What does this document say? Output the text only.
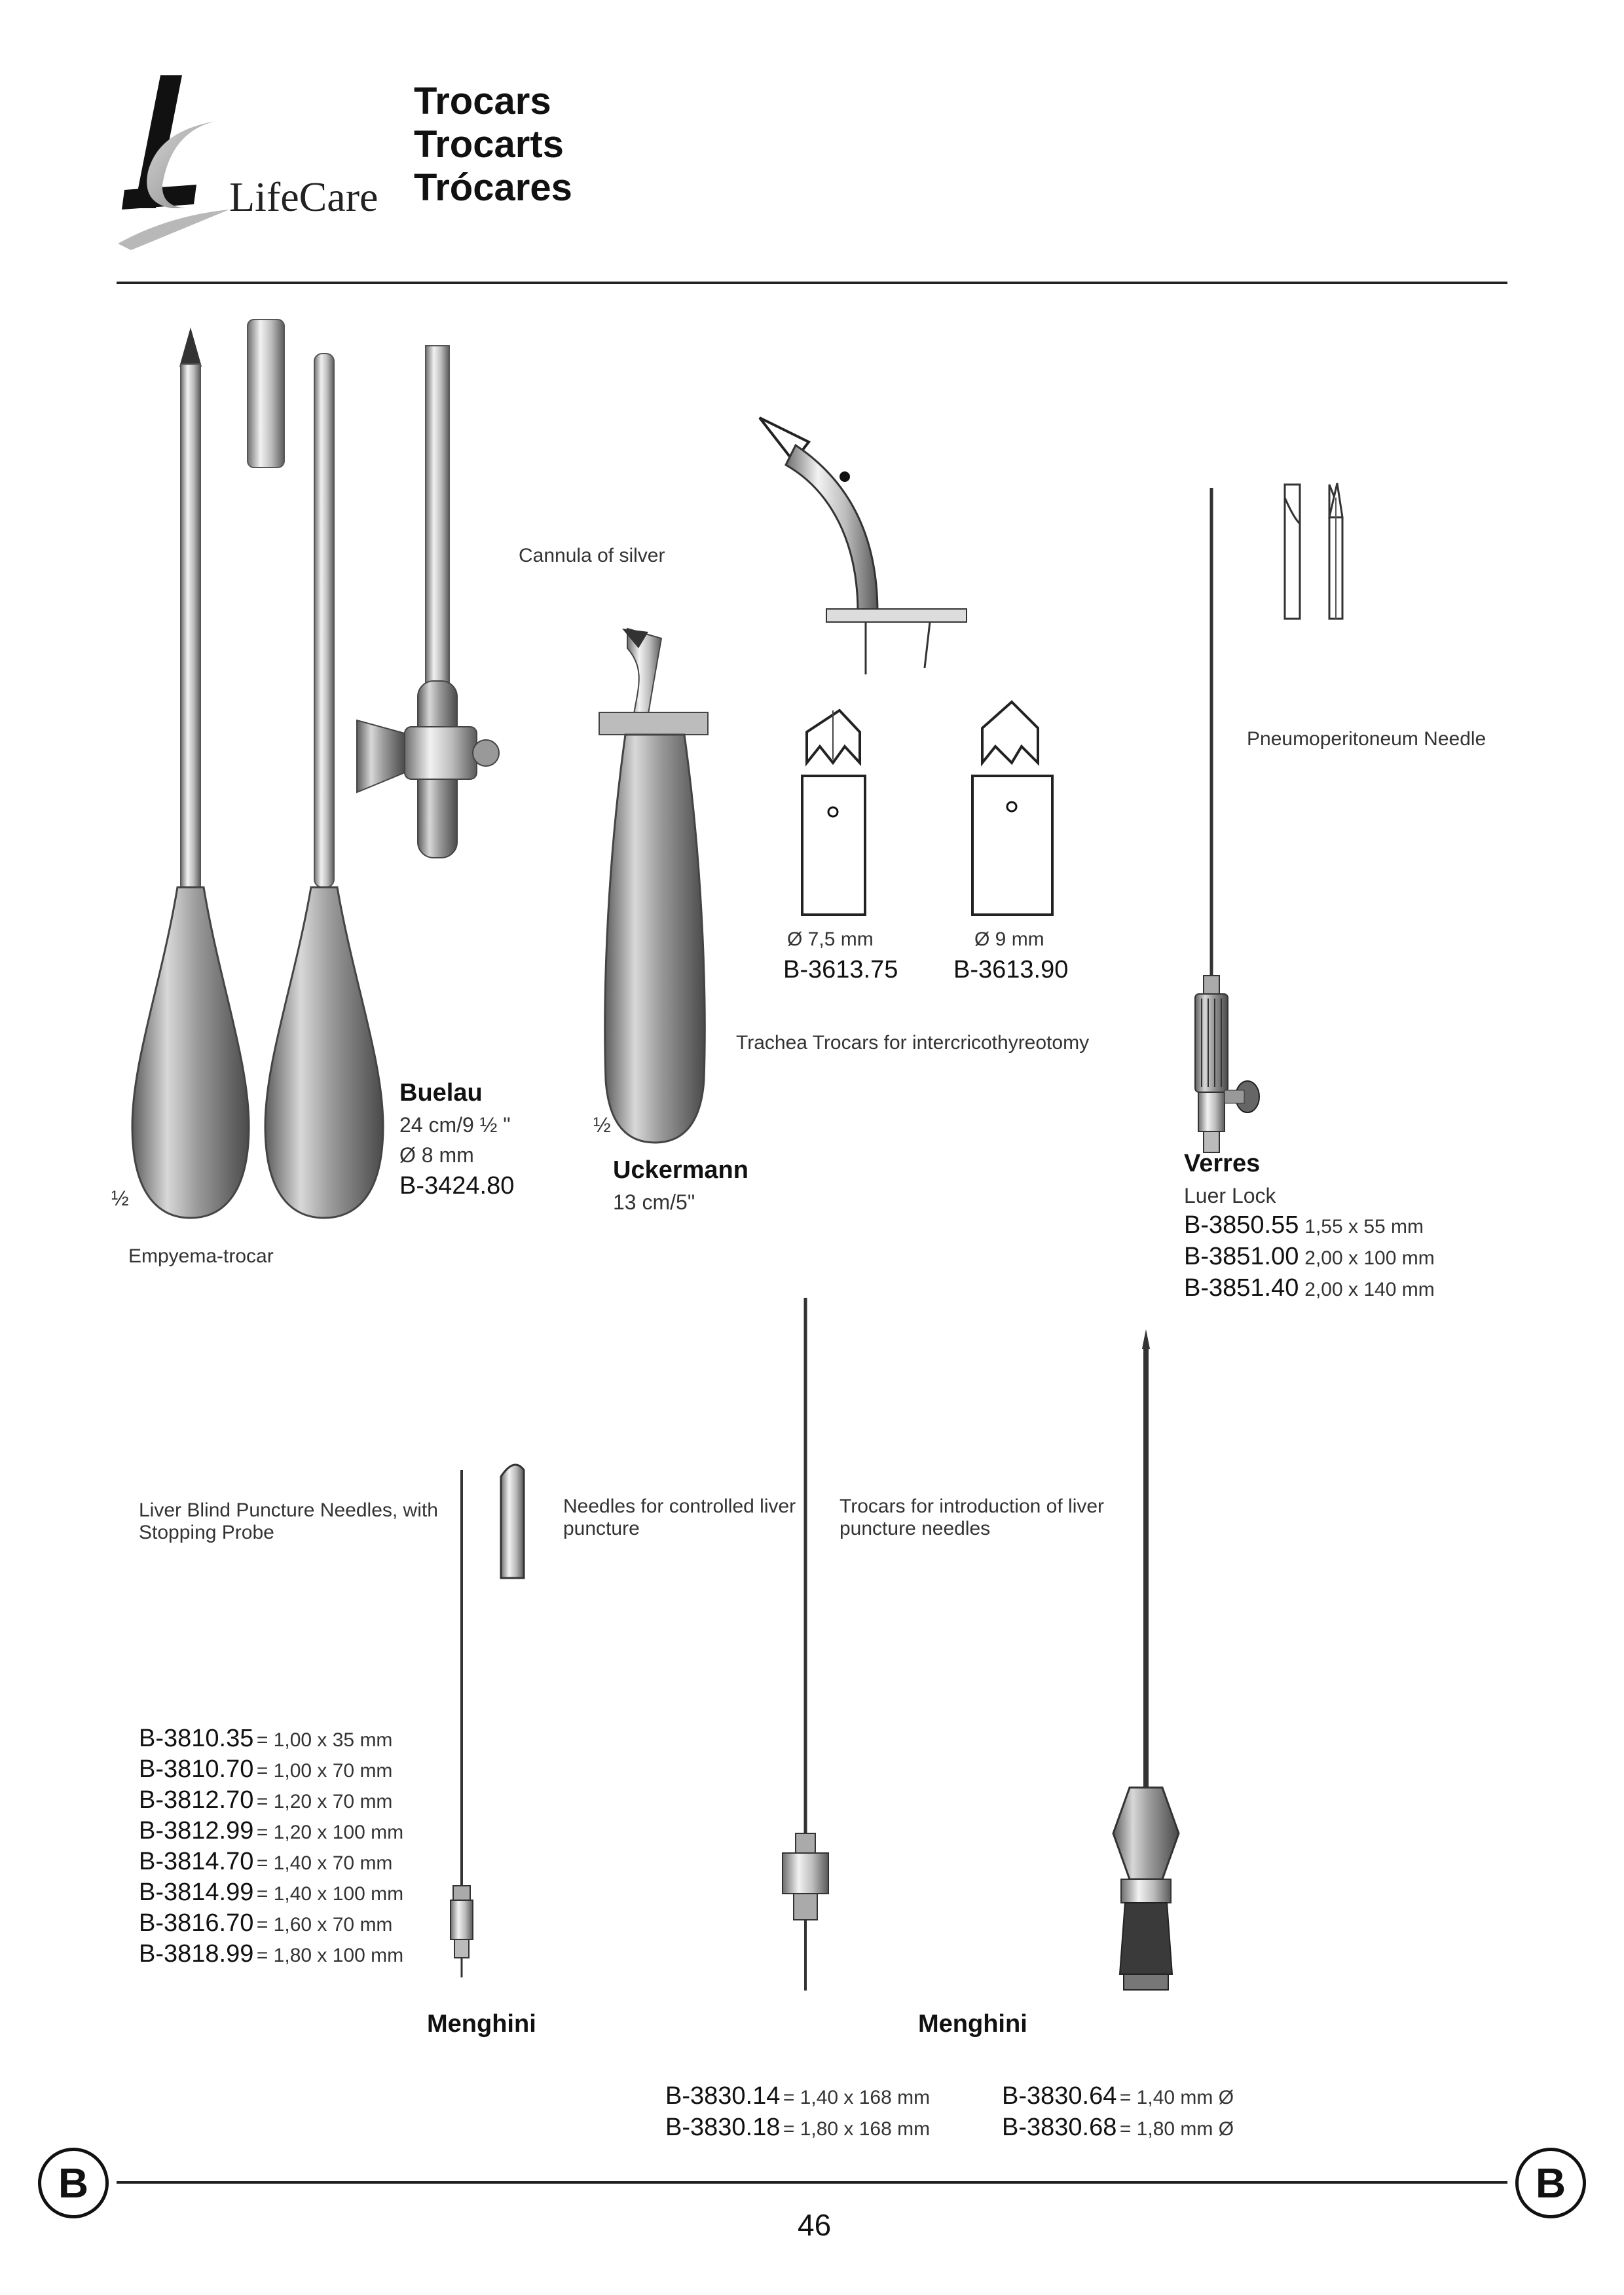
LifeCare
Trocars
Trocarts
Trócares
Cannula of silver
Buelau
24 cm/9 ½ "
Ø 8 mm
B-3424.80
½
Empyema-trocar
½
Uckermann
13 cm/5"
Ø 7,5 mm
B-3613.75
Ø 9 mm
B-3613.90
Trachea Trocars for intercricothyreotomy
Pneumoperitoneum Needle
Verres
Luer Lock
B-3850.55 1,55 x 55 mm
B-3851.00 2,00 x 100 mm
B-3851.40 2,00 x 140 mm
Liver Blind Puncture Needles, with
Stopping Probe
Needles for controlled liver
puncture
Trocars for introduction of liver
puncture needles
B-3810.35 = 1,00 x 35 mm
B-3810.70 = 1,00 x 70 mm
B-3812.70 = 1,20 x 70 mm
B-3812.99 = 1,20 x 100 mm
B-3814.70 = 1,40 x 70 mm
B-3814.99 = 1,40 x 100 mm
B-3816.70 = 1,60 x 70 mm
B-3818.99 = 1,80 x 100 mm
Menghini	Menghini
B-3830.14 = 1,40 x 168 mm
B-3830.18 = 1,80 x 168 mm
B-3830.64 = 1,40 mm Ø
B-3830.68 = 1,80 mm Ø
B	B
46
